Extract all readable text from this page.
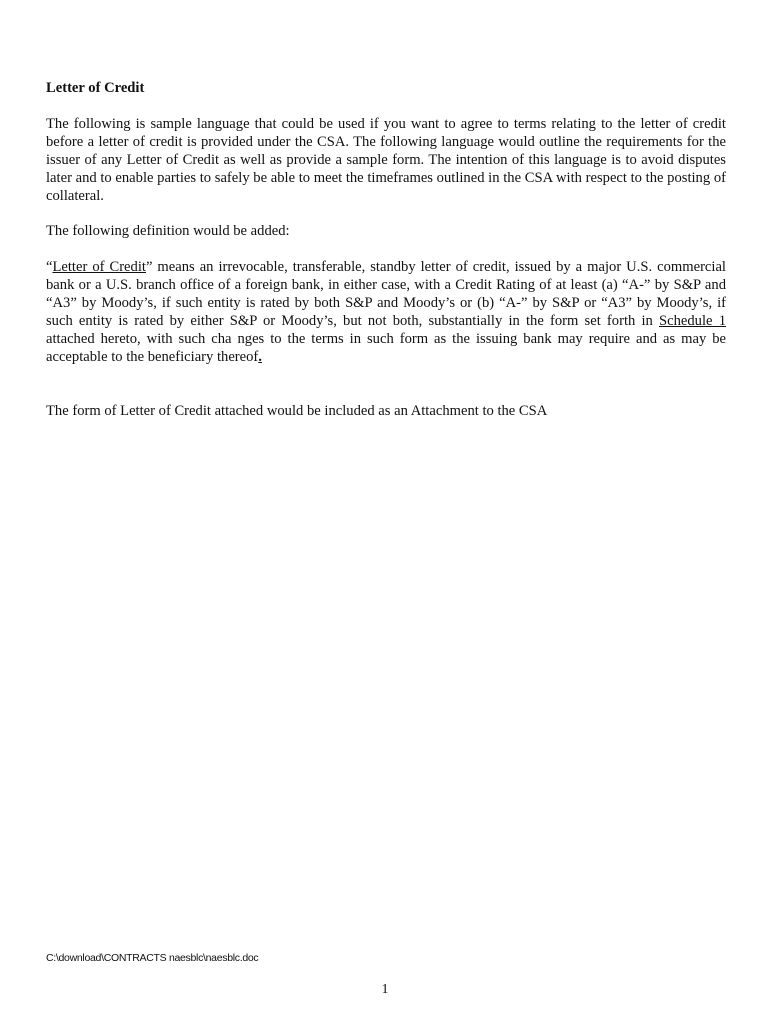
Letter of Credit

The following is sample language that could be used if you want to agree to terms relating to the letter of credit before a letter of credit is provided under the CSA. The following language would outline the requirements for the issuer of any Letter of Credit as well as provide a sample form. The intention of this language is to avoid disputes later and to enable parties to safely be able to meet the timeframes outlined in the CSA with respect to the posting of collateral.

The following definition would be added:

“Letter of Credit” means an irrevocable, transferable, standby letter of credit, issued by a major U.S. commercial bank or a U.S. branch office of a foreign bank, in either case, with a Credit Rating of at least (a) “A-” by S&P and “A3” by Moody’s, if such entity is rated by both S&P and Moody’s or (b) “A-” by S&P or “A3” by Moody’s, if such entity is rated by either S&P or Moody’s, but not both, substantially in the form set forth in Schedule 1 attached hereto, with such cha nges to the terms in such form as the issuing bank may require and as may be acceptable to the beneficiary thereof.

The form of Letter of Credit attached would be included as an Attachment to the CSA

C:\download\CONTRACTS naesblc\naesblc.doc
1
